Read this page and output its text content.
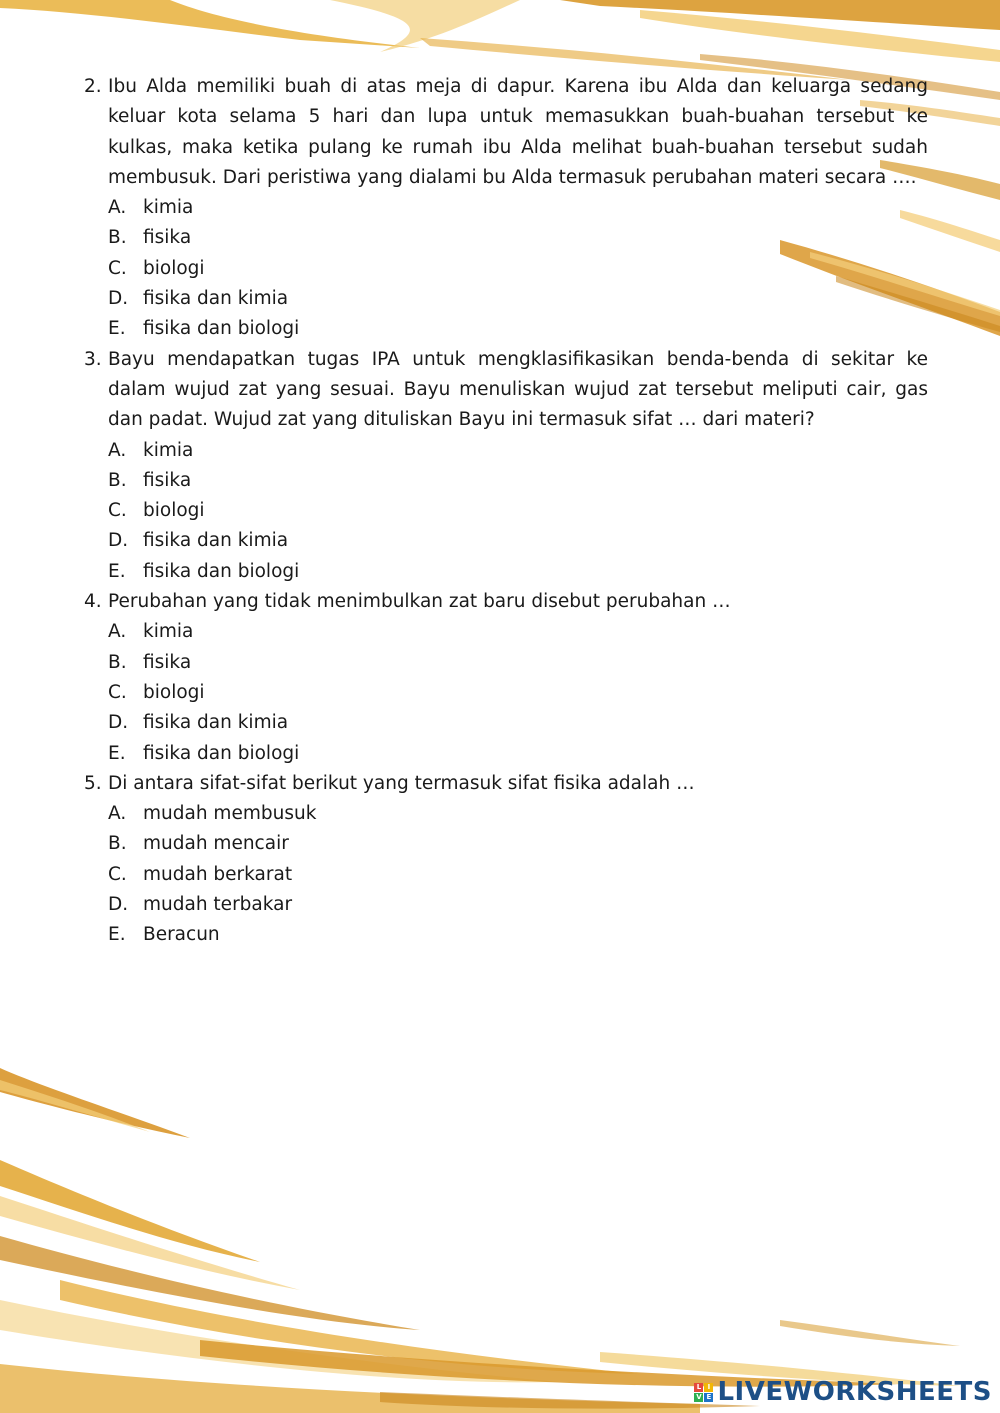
2. Ibu Alda memiliki buah di atas meja di dapur. Karena ibu Alda dan keluarga sedang keluar kota selama 5 hari dan lupa untuk memasukkan buah-buahan tersebut ke kulkas, maka ketika pulang ke rumah ibu Alda melihat buah-buahan tersebut sudah membusuk. Dari peristiwa yang dialami bu Alda termasuk perubahan materi secara ….
A. kimia
B. fisika
C. biologi
D. fisika dan kimia
E. fisika dan biologi
3. Bayu mendapatkan tugas IPA untuk mengklasifikasikan benda-benda di sekitar ke dalam wujud zat yang sesuai. Bayu menuliskan wujud zat tersebut meliputi cair, gas dan padat. Wujud zat yang dituliskan Bayu ini termasuk sifat … dari materi?
A. kimia
B. fisika
C. biologi
D. fisika dan kimia
E. fisika dan biologi
4. Perubahan yang tidak menimbulkan zat baru disebut perubahan …
A. kimia
B. fisika
C. biologi
D. fisika dan kimia
E. fisika dan biologi
5. Di antara sifat-sifat berikut yang termasuk sifat fisika adalah …
A. mudah membusuk
B. mudah mencair
C. mudah berkarat
D. mudah terbakar
E. Beracun
L I
V E LIVEWORKSHEETS
